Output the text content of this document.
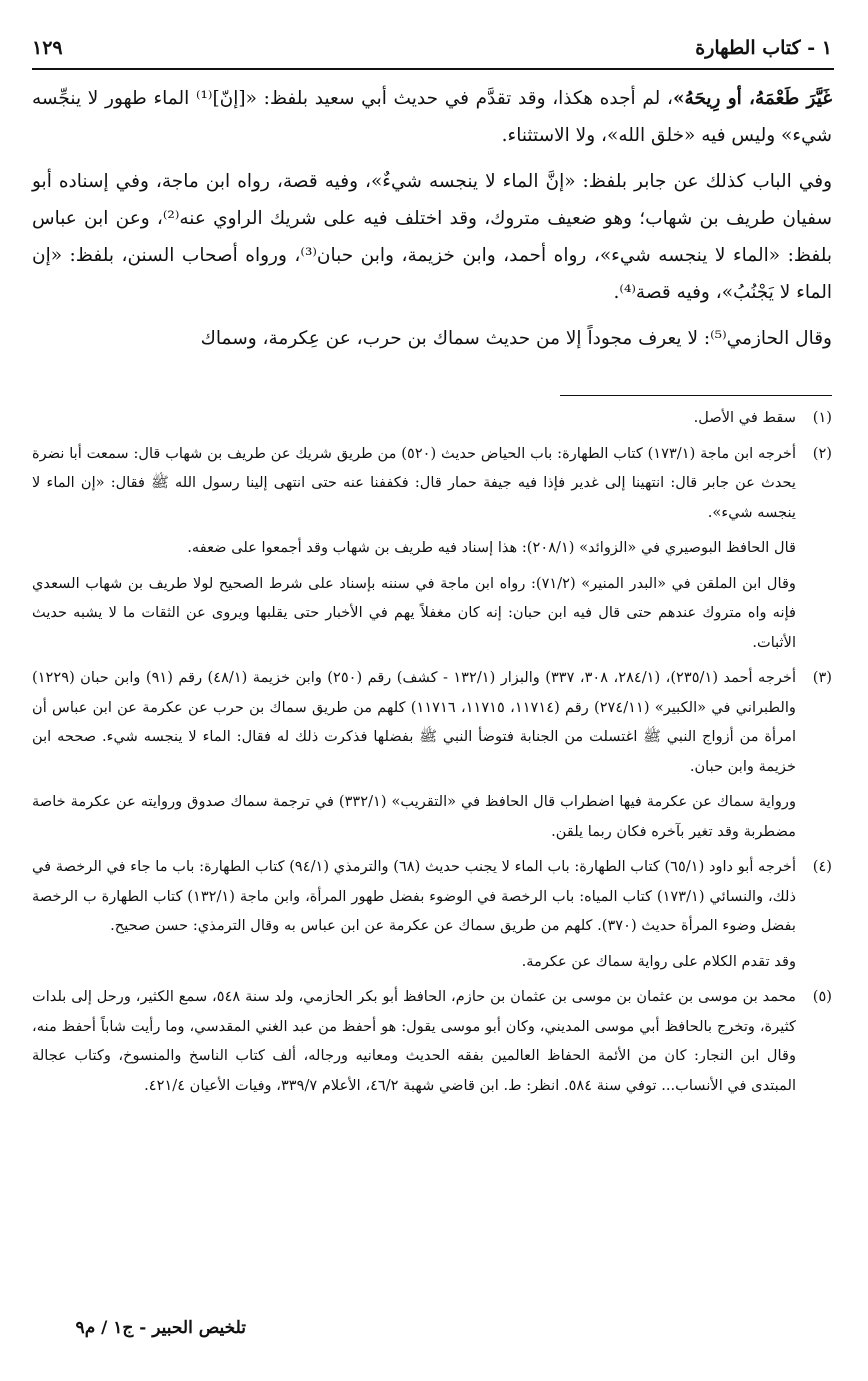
١ - كتاب الطهارة
١٢٩

غَيَّرَ طَعْمَهُ، أو رِيحَهُ»، لم أجده هكذا، وقد تقدَّم في حديث أبي سعيد بلفظ: «[إنّ]⁽¹⁾ الماء طهور لا ينجِّسه شيء» وليس فيه «خلق الله»، ولا الاستثناء.

وفي الباب كذلك عن جابر بلفظ: «إنَّ الماء لا ينجسه شيءٌ»، وفيه قصة، رواه ابن ماجة، وفي إسناده أبو سفيان طريف بن شهاب؛ وهو ضعيف متروك، وقد اختلف فيه على شريك الراوي عنه⁽²⁾، وعن ابن عباس بلفظ: «الماء لا ينجسه شيء»، رواه أحمد، وابن خزيمة، وابن حبان⁽³⁾، ورواه أصحاب السنن، بلفظ: «إن الماء لا يَجْنُبُ»، وفيه قصة⁽⁴⁾.

وقال الحازمي⁽⁵⁾: لا يعرف مجوداً إلا من حديث سماك بن حرب، عن عِكرمة، وسماك

(١)

سقط في الأصل.

(٢)

أخرجه ابن ماجة (١٧٣/١) كتاب الطهارة: باب الحياض حديث (٥٢٠) من طريق شريك عن طريف بن شهاب قال: سمعت أبا نضرة يحدث عن جابر قال: انتهينا إلى غدير فإذا فيه جيفة حمار قال: فكففنا عنه حتى انتهى إلينا رسول الله ﷺ فقال: «إن الماء لا ينجسه شيء».

قال الحافظ البوصيري في «الزوائد» (٢٠٨/١): هذا إسناد فيه طريف بن شهاب وقد أجمعوا على ضعفه.

وقال ابن الملقن في «البدر المنير» (٧١/٢): رواه ابن ماجة في سننه بإسناد على شرط الصحيح لولا طريف بن شهاب السعدي فإنه واه متروك عندهم حتى قال فيه ابن حبان: إنه كان مغفلاً يهم في الأخبار حتى يقلبها ويروى عن الثقات ما لا يشبه حديث الأثبات.

(٣)

أخرجه أحمد (٢٣٥/١)، (٢٨٤/١، ٣٠٨، ٣٣٧) والبزار (١٣٢/١ - كشف) رقم (٢٥٠) وابن خزيمة (٤٨/١) رقم (٩١) وابن حبان (١٢٢٩) والطبراني في «الكبير» (٢٧٤/١١) رقم (١١٧١٤، ١١٧١٥، ١١٧١٦) كلهم من طريق سماك بن حرب عن عكرمة عن ابن عباس أن امرأة من أزواج النبي ﷺ اغتسلت من الجنابة فتوضأ النبي ﷺ بفضلها فذكرت ذلك له فقال: الماء لا ينجسه شيء. صححه ابن خزيمة وابن حبان.

ورواية سماك عن عكرمة فيها اضطراب قال الحافظ في «التقريب» (٣٣٢/١) في ترجمة سماك صدوق وروايته عن عكرمة خاصة مضطربة وقد تغير بآخره فكان ربما يلقن.

(٤)

أخرجه أبو داود (٦٥/١) كتاب الطهارة: باب الماء لا يجنب حديث (٦٨) والترمذي (٩٤/١) كتاب الطهارة: باب ما جاء في الرخصة في ذلك، والنسائي (١٧٣/١) كتاب المياه: باب الرخصة في الوضوء بفضل طهور المرأة، وابن ماجة (١٣٢/١) كتاب الطهارة ب الرخصة بفضل وضوء المرأة حديث (٣٧٠). كلهم من طريق سماك عن عكرمة عن ابن عباس به وقال الترمذي: حسن صحيح.

وقد تقدم الكلام على رواية سماك عن عكرمة.

(٥)

محمد بن موسى بن عثمان بن موسى بن عثمان بن حازم، الحافظ أبو بكر الحازمي، ولد سنة ٥٤٨، سمع الكثير، ورحل إلى بلدات كثيرة، وتخرج بالحافظ أبي موسى المديني، وكان أبو موسى يقول: هو أحفظ من عبد الغني المقدسي، وما رأيت شاباً أحفظ منه، وقال ابن النجار: كان من الأئمة الحفاظ العالمين بفقه الحديث ومعانيه ورجاله، ألف كتاب الناسخ والمنسوخ، وكتاب عجالة المبتدى في الأنساب... توفي سنة ٥٨٤. انظر: ط. ابن قاضي شهبة ٤٦/٢، الأعلام ٣٣٩/٧، وفيات الأعيان ٤٢١/٤.

تلخيص الحبير - ج١ / م٩
